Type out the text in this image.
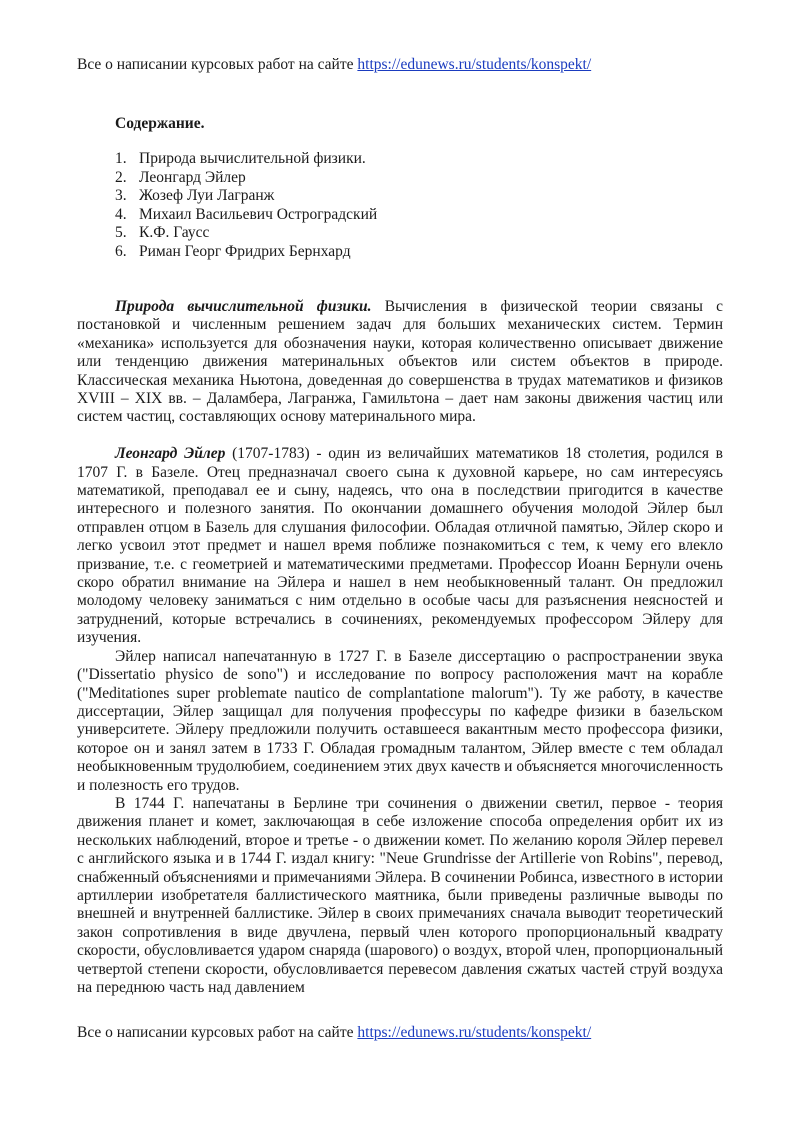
Все о написании курсовых работ на сайте https://edunews.ru/students/konspekt/
Содержание.
1. Природа вычислительной физики.
2. Леонгард Эйлер
3. Жозеф Луи Лагранж
4. Михаил Васильевич Остроградский
5. К.Ф. Гаусс
6. Риман Георг Фридрих Бернхард

Природа вычислительной физики. Вычисления в физической теории связаны с постановкой и численным решением задач для больших механических систем. Термин «механика» используется для обозначения науки, которая количественно описывает движение или тенденцию движения материнальных объектов или систем объектов в природе. Классическая механика Ньютона, доведенная до совершенства в трудах математиков и физиков XVIII – XIX вв. – Даламбера, Лагранжа, Гамильтона – дает нам законы движения частиц или систем частиц, составляющих основу материнального мира.

Леонгард Эйлер (1707-1783) - один из величайших математиков 18 столетия, родился в 1707 Г. в Базеле. Отец предназначал своего сына к духовной карьере, но сам интересуясь математикой, преподавал ее и сыну, надеясь, что она в последствии пригодится в качестве интересного и полезного занятия. По окончании домашнего обучения молодой Эйлер был отправлен отцом в Базель для слушания философии. Обладая отличной памятью, Эйлер скоро и легко усвоил этот предмет и нашел время поближе познакомиться с тем, к чему его влекло призвание, т.е. с геометрией и математическими предметами. Профессор Иоанн Бернули очень скоро обратил внимание на Эйлера и нашел в нем необыкновенный талант. Он предложил молодому человеку заниматься с ним отдельно в особые часы для разъяснения неясностей и затруднений, которые встречались в сочинениях, рекомендуемых профессором Эйлеру для изучения.

Эйлер написал напечатанную в 1727 Г. в Базеле диссертацию о распространении звука ("Dissertatio physico de sono") и исследование по вопросу расположения мачт на корабле ("Meditationes super problemate nautico de complantatione malorum"). Ту же работу, в качестве диссертации, Эйлер защищал для получения профессуры по кафедре физики в базельском университете. Эйлеру предложили получить оставшееся вакантным место профессора физики, которое он и занял затем в 1733 Г. Обладая громадным талантом, Эйлер вместе с тем обладал необыкновенным трудолюбием, соединением этих двух качеств и объясняется многочисленность и полезность его трудов.

В 1744 Г. напечатаны в Берлине три сочинения о движении светил, первое - теория движения планет и комет, заключающая в себе изложение способа определения орбит их из нескольких наблюдений, второе и третье - о движении комет. По желанию короля Эйлер перевел с английского языка и в 1744 Г. издал книгу: "Neue Grundrisse der Artillerie von Robins", перевод, снабженный объяснениями и примечаниями Эйлера. В сочинении Робинса, известного в истории артиллерии изобретателя баллистического маятника, были приведены различные выводы по внешней и внутренней баллистике. Эйлер в своих примечаниях сначала выводит теоретический закон сопротивления в виде двучлена, первый член которого пропорциональный квадрату скорости, обусловливается ударом снаряда (шарового) о воздух, второй член, пропорциональный четвертой степени скорости, обусловливается перевесом давления сжатых частей струй воздуха на переднюю часть над давлением

Все о написании курсовых работ на сайте https://edunews.ru/students/konspekt/
